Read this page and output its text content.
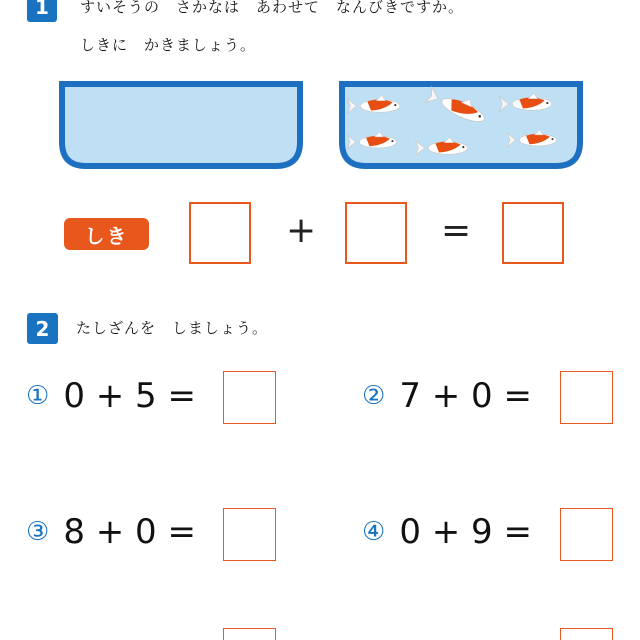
1	すいそうの　さかなは　あわせて　なんびきですか。
しきに　かきましょう。
しき	+	=
2	たしざんを　しましょう。
① 0 + 5 =	② 7 + 0 =
③ 8 + 0 =	④ 0 + 9 =
